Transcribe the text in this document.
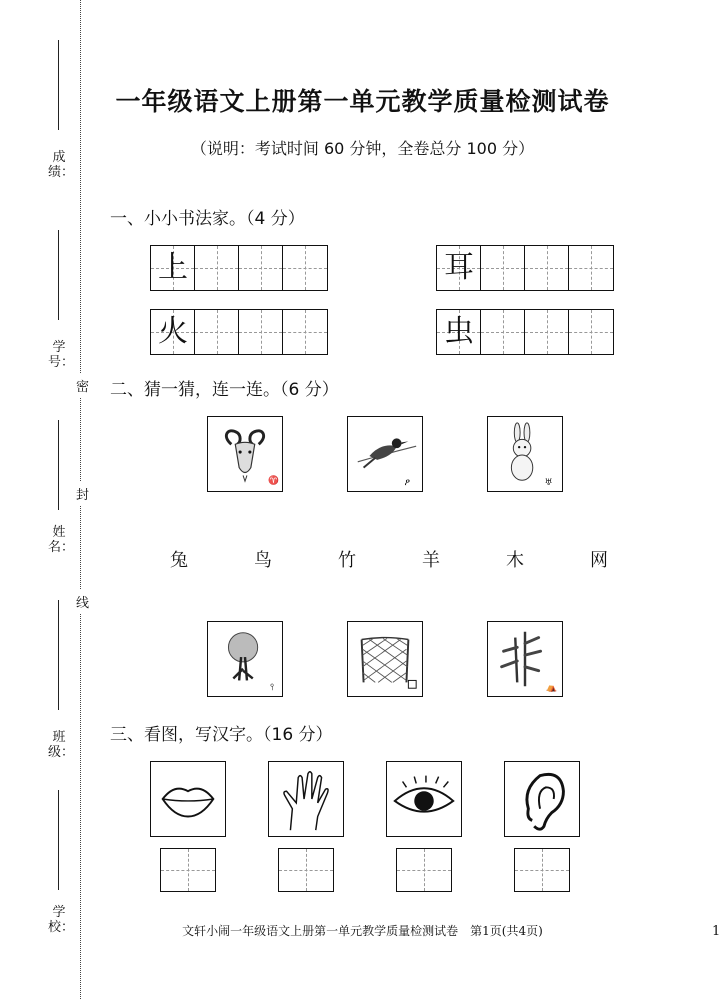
成绩：
学号：
姓名：
班级：
学校：
密
封
线
一年级语文上册第一单元教学质量检测试卷
（说明：考试时间 60 分钟，全卷总分 100 分）
一、小小书法家。（4 分）
上	耳
火	虫
二、猜一猜，连一连。（6 分）
♈	ዖ	♅
兔	鸟	竹	羊	木	网
⫯	⛺
三、看图，写汉字。（16 分）
文轩小闹一年级语文上册第一单元教学质量检测试卷　第1页(共4页)	1
